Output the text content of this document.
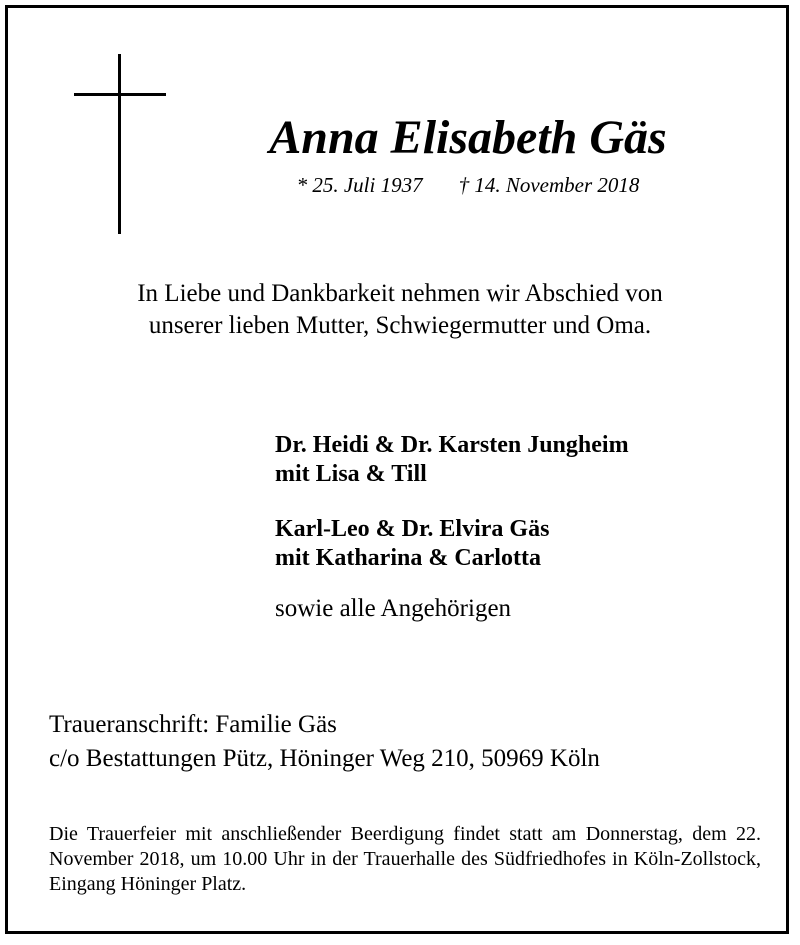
Anna Elisabeth Gäs
* 25. Juli 1937 † 14. November 2018
In Liebe und Dankbarkeit nehmen wir Abschied von
unserer lieben Mutter, Schwiegermutter und Oma.
Dr. Heidi & Dr. Karsten Jungheim
mit Lisa & Till
Karl-Leo & Dr. Elvira Gäs
mit Katharina & Carlotta
sowie alle Angehörigen
Traueranschrift: Familie Gäs
c/o Bestattungen Pütz, Höninger Weg 210, 50969 Köln
Die Trauerfeier mit anschließender Beerdigung findet statt am Donnerstag, dem 22. November 2018, um 10.00 Uhr in der Trauerhalle des Südfriedhofes in Köln-Zollstock, Eingang Höninger Platz.
